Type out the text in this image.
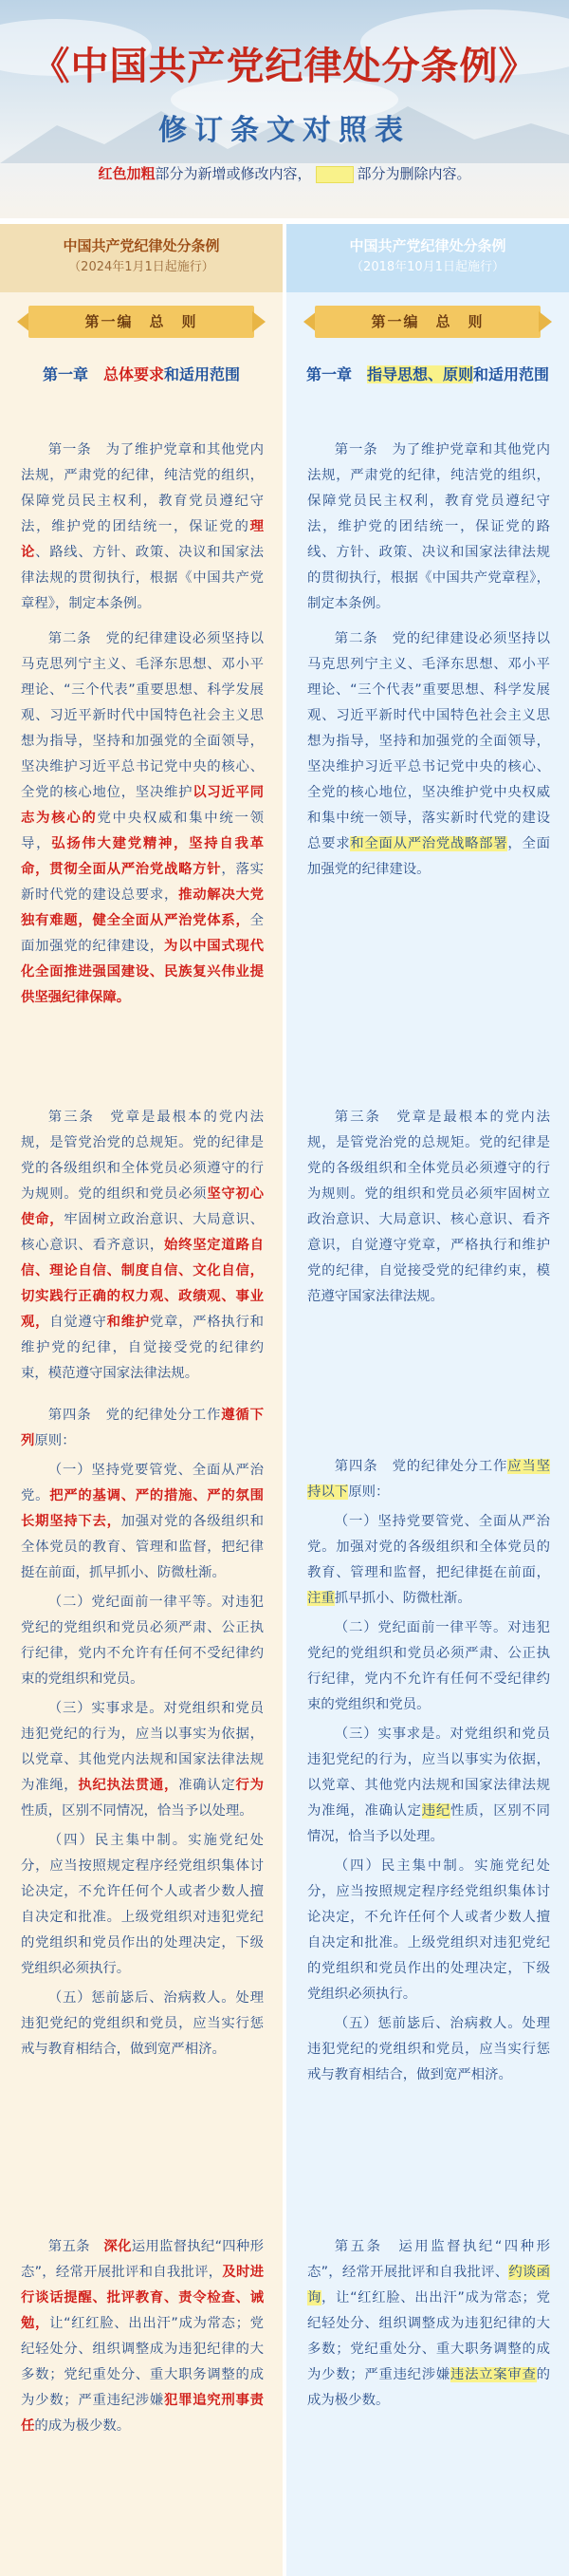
《中国共产党纪律处分条例》
修订条文对照表
红色加粗部分为新增或修改内容，	部分为删除内容。
中国共产党纪律处分条例
（2024年1月1日起施行）
第一编　总　则
第一章　总体要求和适用范围

第一条　为了维护党章和其他党内法规，严肃党的纪律，纯洁党的组织，保障党员民主权利，教育党员遵纪守法，维护党的团结统一，保证党的理论、路线、方针、政策、决议和国家法律法规的贯彻执行，根据《中国共产党章程》，制定本条例。

第二条　党的纪律建设必须坚持以马克思列宁主义、毛泽东思想、邓小平理论、“三个代表”重要思想、科学发展观、习近平新时代中国特色社会主义思想为指导，坚持和加强党的全面领导，坚决维护习近平总书记党中央的核心、全党的核心地位，坚决维护以习近平同志为核心的党中央权威和集中统一领导，弘扬伟大建党精神，坚持自我革命，贯彻全面从严治党战略方针，落实新时代党的建设总要求，推动解决大党独有难题，健全全面从严治党体系，全面加强党的纪律建设，为以中国式现代化全面推进强国建设、民族复兴伟业提供坚强纪律保障。

第三条　党章是最根本的党内法规，是管党治党的总规矩。党的纪律是党的各级组织和全体党员必须遵守的行为规则。党的组织和党员必须坚守初心使命，牢固树立政治意识、大局意识、核心意识、看齐意识，始终坚定道路自信、理论自信、制度自信、文化自信，切实践行正确的权力观、政绩观、事业观，自觉遵守和维护党章，严格执行和维护党的纪律，自觉接受党的纪律约束，模范遵守国家法律法规。

第四条　党的纪律处分工作遵循下列原则：

（一）坚持党要管党、全面从严治党。把严的基调、严的措施、严的氛围长期坚持下去，加强对党的各级组织和全体党员的教育、管理和监督，把纪律挺在前面，抓早抓小、防微杜渐。

（二）党纪面前一律平等。对违犯党纪的党组织和党员必须严肃、公正执行纪律，党内不允许有任何不受纪律约束的党组织和党员。

（三）实事求是。对党组织和党员违犯党纪的行为，应当以事实为依据，以党章、其他党内法规和国家法律法规为准绳，执纪执法贯通，准确认定行为性质，区别不同情况，恰当予以处理。

（四）民主集中制。实施党纪处分，应当按照规定程序经党组织集体讨论决定，不允许任何个人或者少数人擅自决定和批准。上级党组织对违犯党纪的党组织和党员作出的处理决定，下级党组织必须执行。

（五）惩前毖后、治病救人。处理违犯党纪的党组织和党员，应当实行惩戒与教育相结合，做到宽严相济。

第五条　深化运用监督执纪“四种形态”，经常开展批评和自我批评，及时进行谈话提醒、批评教育、责令检查、诫勉，让“红红脸、出出汗”成为常态；党纪轻处分、组织调整成为违犯纪律的大多数；党纪重处分、重大职务调整的成为少数；严重违纪涉嫌犯罪追究刑事责任的成为极少数。

中国共产党纪律处分条例
（2018年10月1日起施行）
第一编　总　则
第一章　指导思想、原则和适用范围

第一条　为了维护党章和其他党内法规，严肃党的纪律，纯洁党的组织，保障党员民主权利，教育党员遵纪守法，维护党的团结统一，保证党的路线、方针、政策、决议和国家法律法规的贯彻执行，根据《中国共产党章程》，制定本条例。

第二条　党的纪律建设必须坚持以马克思列宁主义、毛泽东思想、邓小平理论、“三个代表”重要思想、科学发展观、习近平新时代中国特色社会主义思想为指导，坚持和加强党的全面领导，坚决维护习近平总书记党中央的核心、全党的核心地位，坚决维护党中央权威和集中统一领导，落实新时代党的建设总要求和全面从严治党战略部署，全面加强党的纪律建设。

第三条　党章是最根本的党内法规，是管党治党的总规矩。党的纪律是党的各级组织和全体党员必须遵守的行为规则。党的组织和党员必须牢固树立政治意识、大局意识、核心意识、看齐意识，自觉遵守党章，严格执行和维护党的纪律，自觉接受党的纪律约束，模范遵守国家法律法规。

第四条　党的纪律处分工作应当坚持以下原则：

（一）坚持党要管党、全面从严治党。加强对党的各级组织和全体党员的教育、管理和监督，把纪律挺在前面，注重抓早抓小、防微杜渐。

（二）党纪面前一律平等。对违犯党纪的党组织和党员必须严肃、公正执行纪律，党内不允许有任何不受纪律约束的党组织和党员。

（三）实事求是。对党组织和党员违犯党纪的行为，应当以事实为依据，以党章、其他党内法规和国家法律法规为准绳，准确认定违纪性质，区别不同情况，恰当予以处理。

（四）民主集中制。实施党纪处分，应当按照规定程序经党组织集体讨论决定，不允许任何个人或者少数人擅自决定和批准。上级党组织对违犯党纪的党组织和党员作出的处理决定，下级党组织必须执行。

（五）惩前毖后、治病救人。处理违犯党纪的党组织和党员，应当实行惩戒与教育相结合，做到宽严相济。

第五条　运用监督执纪“四种形态”，经常开展批评和自我批评、约谈函询，让“红红脸、出出汗”成为常态；党纪轻处分、组织调整成为违犯纪律的大多数；党纪重处分、重大职务调整的成为少数；严重违纪涉嫌违法立案审查的成为极少数。
